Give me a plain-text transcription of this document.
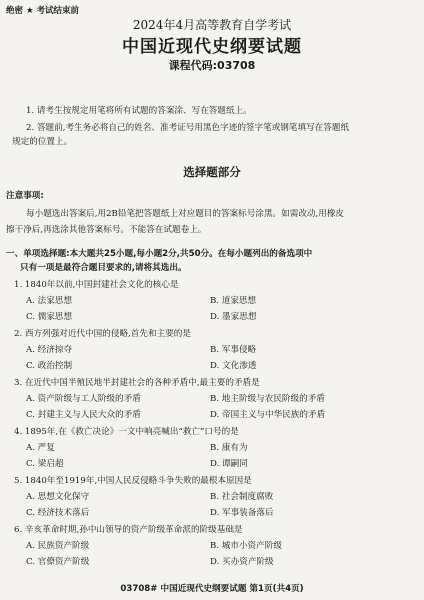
绝密 ★ 考试结束前
2024年4月高等教育自学考试
中国近现代史纲要试题
课程代码:03708
1. 请考生按规定用笔将所有试题的答案涂、写在答题纸上。
2. 答题前,考生务必将自己的姓名、准考证号用黑色字迹的签字笔或钢笔填写在答题纸
规定的位置上。
选择题部分
注意事项:
每小题选出答案后,用2B铅笔把答题纸上对应题目的答案标号涂黑。如需改动,用橡皮
擦干净后,再选涂其他答案标号。不能答在试题卷上。
一、单项选择题:本大题共25小题,每小题2分,共50分。在每小题列出的备选项中
只有一项是最符合题目要求的,请将其选出。
1. 1840年以前,中国封建社会文化的核心是
A. 法家思想	B. 道家思想
C. 儒家思想	D. 墨家思想
2. 西方列强对近代中国的侵略,首先和主要的是
A. 经济掠夺	B. 军事侵略
C. 政治控制	D. 文化渗透
3. 在近代中国半殖民地半封建社会的各种矛盾中,最主要的矛盾是
A. 资产阶级与工人阶级的矛盾	B. 地主阶级与农民阶级的矛盾
C. 封建主义与人民大众的矛盾	D. 帝国主义与中华民族的矛盾
4. 1895年,在《救亡决论》一文中响亮喊出“救亡”口号的是
A. 严复	B. 康有为
C. 梁启超	D. 谭嗣同
5. 1840年至1919年,中国人民反侵略斗争失败的最根本原因是
A. 思想文化保守	B. 社会制度腐败
C. 经济技术落后	D. 军事装备落后
6. 辛亥革命时期,孙中山领导的资产阶级革命派的阶级基础是
A. 民族资产阶级	B. 城市小资产阶级
C. 官僚资产阶级	D. 买办资产阶级
03708# 中国近现代史纲要试题 第1页(共4页)
